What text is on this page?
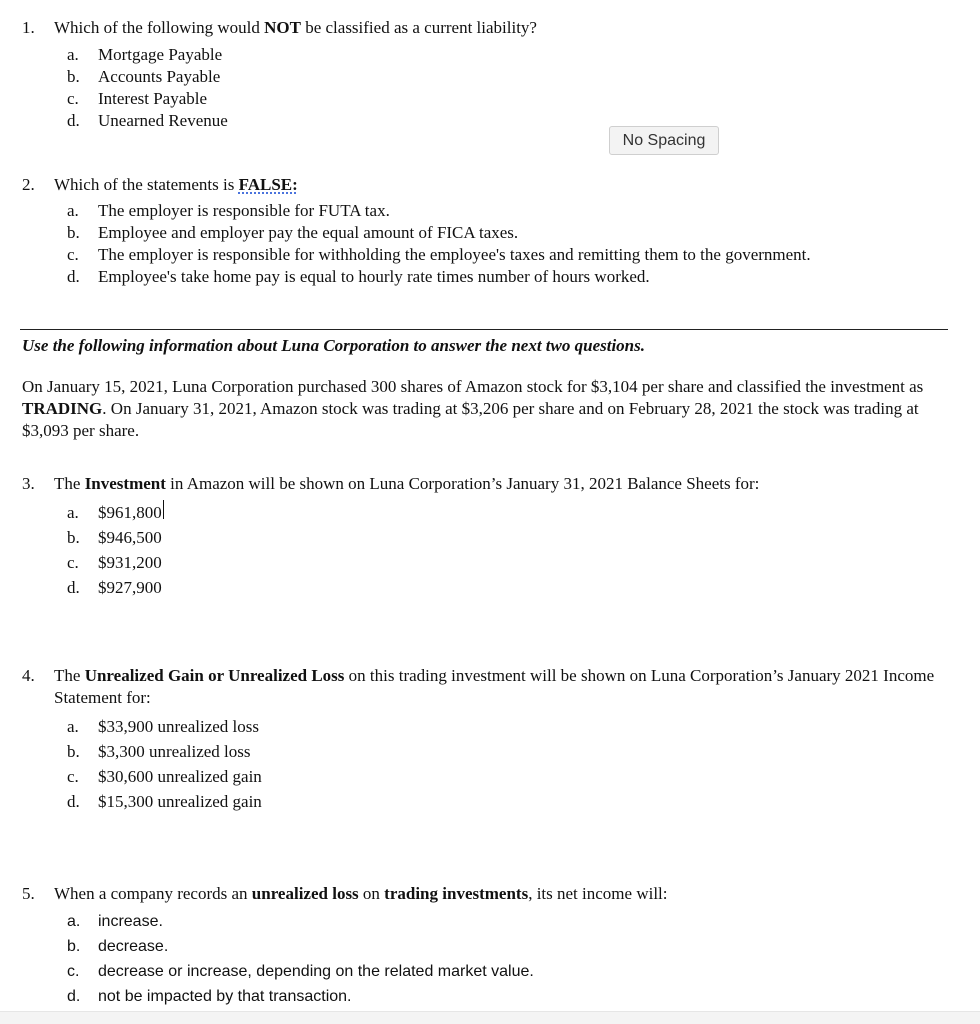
1.	Which of the following would NOT be classified as a current liability?
a.	Mortgage Payable
b.	Accounts Payable
c.	Interest Payable
d.	Unearned Revenue
No Spacing
2.	Which of the statements is FALSE:
a.	The employer is responsible for FUTA tax.
b.	Employee and employer pay the equal amount of FICA taxes.
c.	The employer is responsible for withholding the employee's taxes and remitting them to the government.
d.	Employee's take home pay is equal to hourly rate times number of hours worked.
Use the following information about Luna Corporation to answer the next two questions.
On January 15, 2021, Luna Corporation purchased 300 shares of Amazon stock for $3,104 per share and classified the investment as TRADING. On January 31, 2021, Amazon stock was trading at $3,206 per share and on February 28, 2021 the stock was trading at $3,093 per share.
3.	The Investment in Amazon will be shown on Luna Corporation’s January 31, 2021 Balance Sheets for:
a.	$961,800
b.	$946,500
c.	$931,200
d.	$927,900
4.	The Unrealized Gain or Unrealized Loss on this trading investment will be shown on Luna Corporation’s January 2021 Income Statement for:
a.	$33,900 unrealized loss
b.	$3,300 unrealized loss
c.	$30,600 unrealized gain
d.	$15,300 unrealized gain
5.	When a company records an unrealized loss on trading investments, its net income will:
a.	increase.
b.	decrease.
c.	decrease or increase, depending on the related market value.
d.	not be impacted by that transaction.
